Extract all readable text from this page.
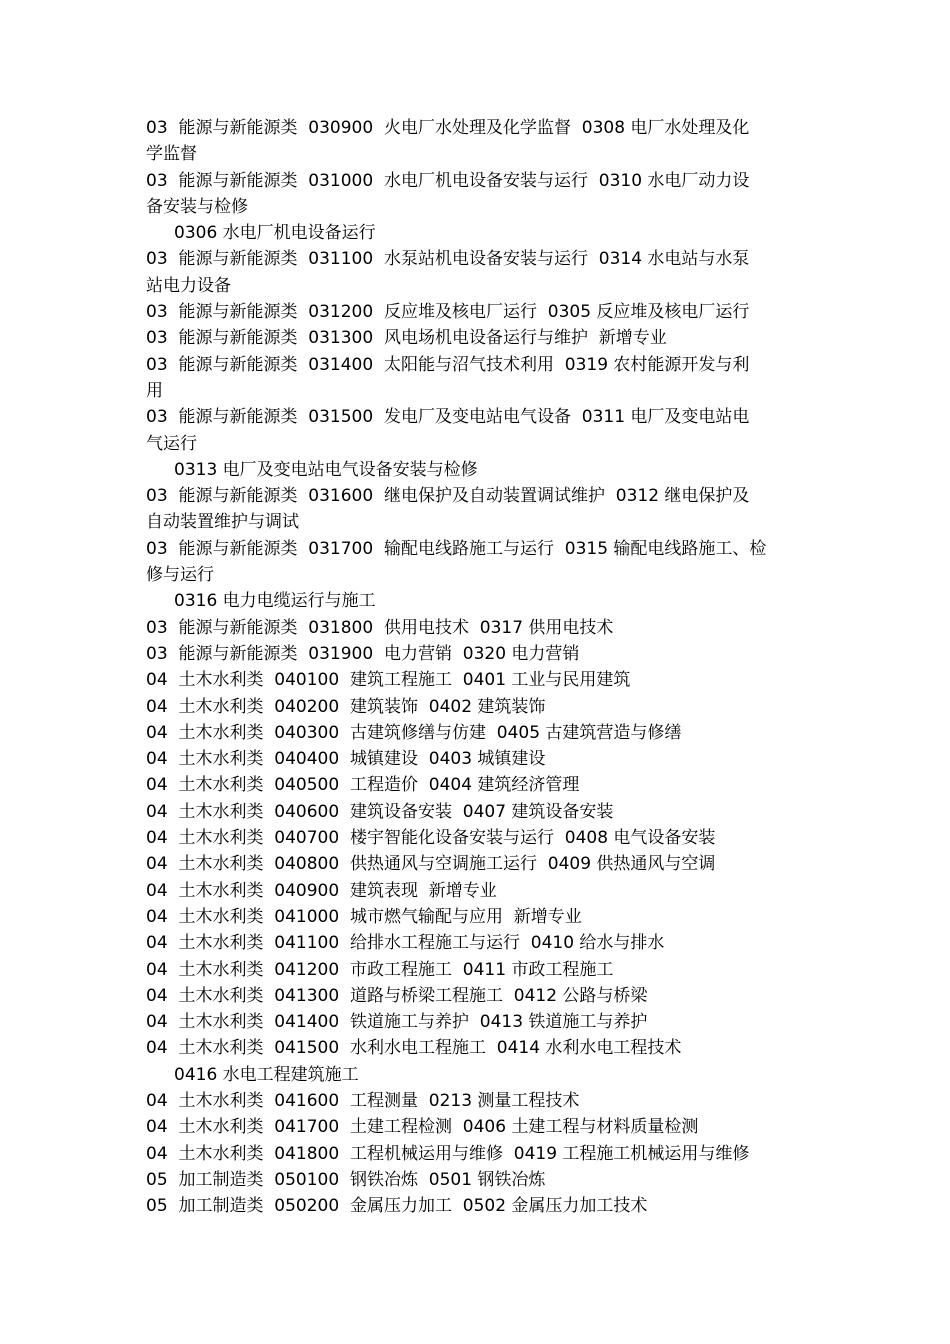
03  能源与新能源类  030900  火电厂水处理及化学监督  0308 电厂水处理及化
学监督
03  能源与新能源类  031000  水电厂机电设备安装与运行  0310 水电厂动力设
备安装与检修
0306 水电厂机电设备运行
03  能源与新能源类  031100  水泵站机电设备安装与运行  0314 水电站与水泵
站电力设备
03  能源与新能源类  031200  反应堆及核电厂运行  0305 反应堆及核电厂运行
03  能源与新能源类  031300  风电场机电设备运行与维护  新增专业
03  能源与新能源类  031400  太阳能与沼气技术利用  0319 农村能源开发与利
用
03  能源与新能源类  031500  发电厂及变电站电气设备  0311 电厂及变电站电
气运行
0313 电厂及变电站电气设备安装与检修
03  能源与新能源类  031600  继电保护及自动装置调试维护  0312 继电保护及
自动装置维护与调试
03  能源与新能源类  031700  输配电线路施工与运行  0315 输配电线路施工、检
修与运行
0316 电力电缆运行与施工
03  能源与新能源类  031800  供用电技术  0317 供用电技术
03  能源与新能源类  031900  电力营销  0320 电力营销
04  土木水利类  040100  建筑工程施工  0401 工业与民用建筑
04  土木水利类  040200  建筑装饰  0402 建筑装饰
04  土木水利类  040300  古建筑修缮与仿建  0405 古建筑营造与修缮
04  土木水利类  040400  城镇建设  0403 城镇建设
04  土木水利类  040500  工程造价  0404 建筑经济管理
04  土木水利类  040600  建筑设备安装  0407 建筑设备安装
04  土木水利类  040700  楼宇智能化设备安装与运行  0408 电气设备安装
04  土木水利类  040800  供热通风与空调施工运行  0409 供热通风与空调
04  土木水利类  040900  建筑表现  新增专业
04  土木水利类  041000  城市燃气输配与应用  新增专业
04  土木水利类  041100  给排水工程施工与运行  0410 给水与排水
04  土木水利类  041200  市政工程施工  0411 市政工程施工
04  土木水利类  041300  道路与桥梁工程施工  0412 公路与桥梁
04  土木水利类  041400  铁道施工与养护  0413 铁道施工与养护
04  土木水利类  041500  水利水电工程施工  0414 水利水电工程技术
0416 水电工程建筑施工
04  土木水利类  041600  工程测量  0213 测量工程技术
04  土木水利类  041700  土建工程检测  0406 土建工程与材料质量检测
04  土木水利类  041800  工程机械运用与维修  0419 工程施工机械运用与维修
05  加工制造类  050100  钢铁冶炼  0501 钢铁冶炼
05  加工制造类  050200  金属压力加工  0502 金属压力加工技术
